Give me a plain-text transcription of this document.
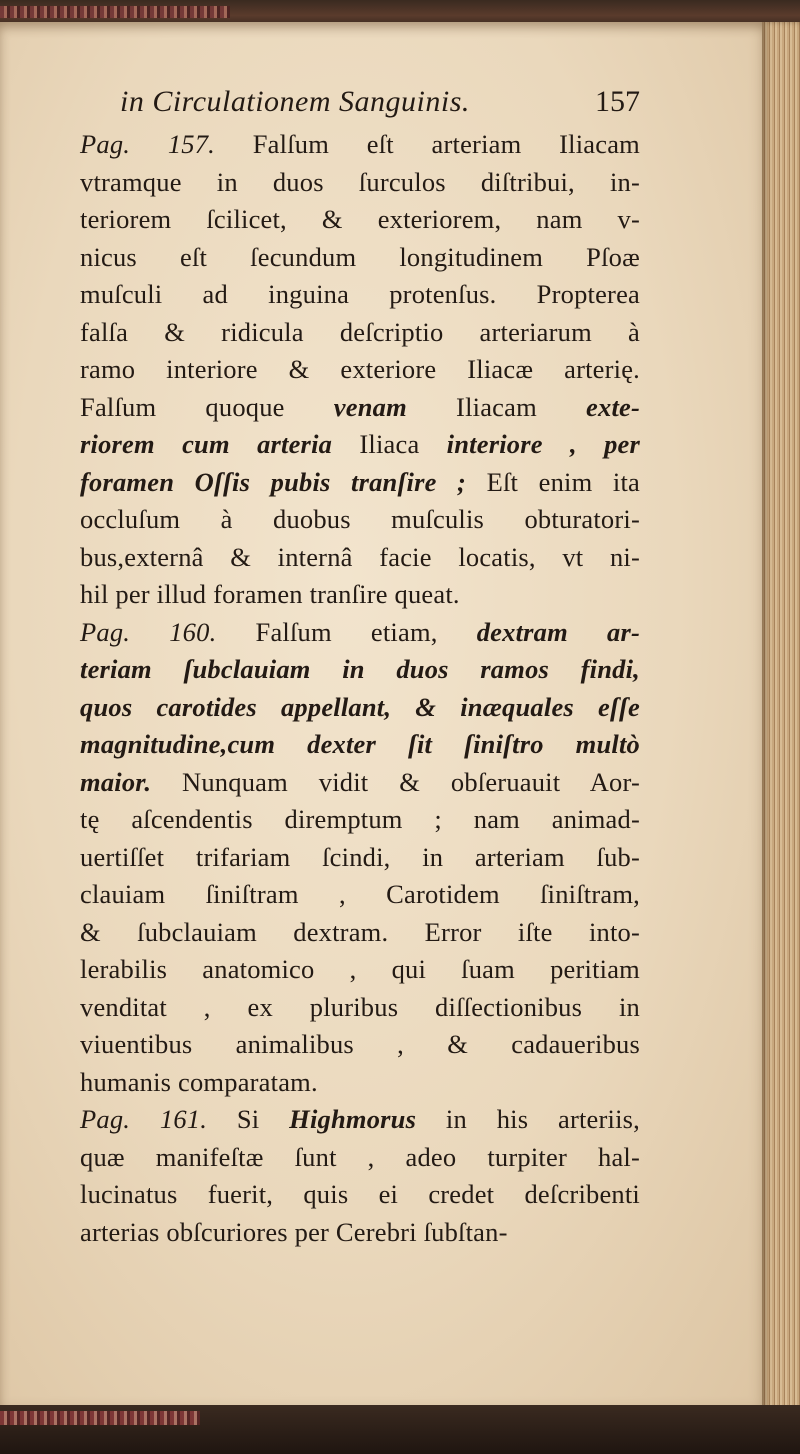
in Circulationem Sanguinis.	157
Pag. 157. Falſum eſt arteriam Iliacam
vtramque in duos ſurculos diſtribui, in-
teriorem ſcilicet, & exteriorem, nam v-
nicus eſt ſecundum longitudinem Pſoæ
muſculi ad inguina protenſus. Propterea
falſa & ridicula deſcriptio arteriarum à
ramo interiore & exteriore Iliacæ arterię.
Falſum quoque venam Iliacam exte-
riorem cum arteria Iliaca interiore , per
foramen Oſſis pubis tranſire ; Eſt enim ita
occluſum à duobus muſculis obturatori-
bus,externâ & internâ facie locatis, vt ni-
hil per illud foramen tranſire queat.
Pag. 160. Falſum etiam, dextram ar-
teriam ſubclauiam in duos ramos findi,
quos carotides appellant, & inæquales eſſe
magnitudine,cum dexter ſit ſiniſtro multò
maior. Nunquam vidit & obſeruauit Aor-
tę aſcendentis diremptum ; nam animad-
uertiſſet trifariam ſcindi, in arteriam ſub-
clauiam ſiniſtram , Carotidem ſiniſtram,
& ſubclauiam dextram. Error iſte into-
lerabilis anatomico , qui ſuam peritiam
venditat , ex pluribus diſſectionibus in
viuentibus animalibus , & cadaueribus
humanis comparatam.
Pag. 161. Si Highmorus in his arteriis,
quæ manifeſtæ ſunt , adeo turpiter hal-
lucinatus fuerit, quis ei credet deſcribenti
arterias obſcuriores per Cerebri ſubſtan-
